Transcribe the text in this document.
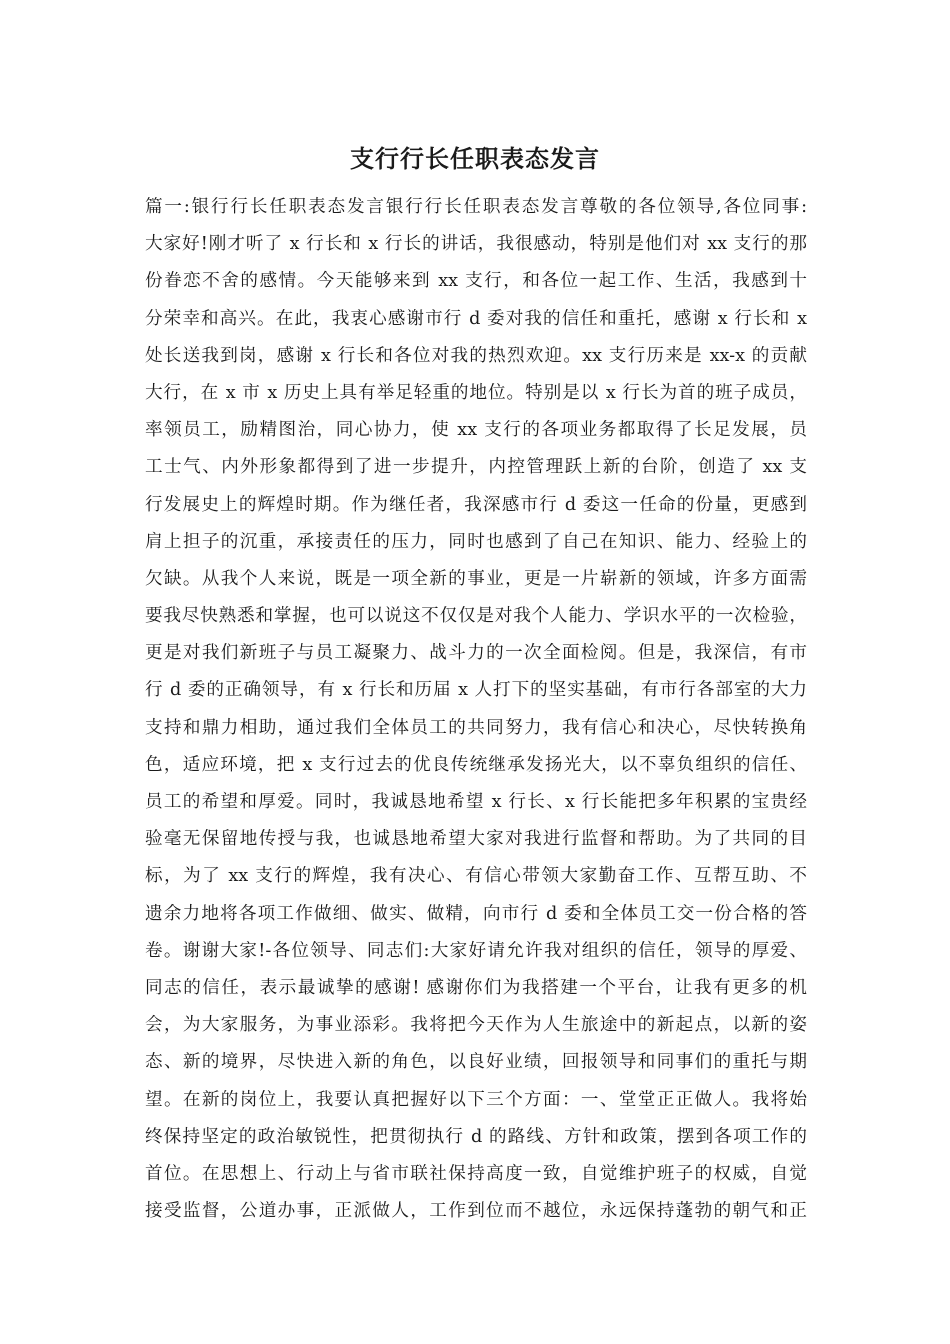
支行行长任职表态发言
篇一:银行行长任职表态发言银行行长任职表态发言尊敬的各位领导,各位同事:
大家好!刚才听了 x 行长和 x 行长的讲话，我很感动，特别是他们对 xx 支行的那
份眷恋不舍的感情。今天能够来到 xx 支行，和各位一起工作、生活，我感到十
分荣幸和高兴。在此，我衷心感谢市行 d 委对我的信任和重托，感谢 x 行长和 x
处长送我到岗，感谢 x 行长和各位对我的热烈欢迎。xx 支行历来是 xx-x 的贡献
大行，在 x 市 x 历史上具有举足轻重的地位。特别是以 x 行长为首的班子成员，
率领员工，励精图治，同心协力，使 xx 支行的各项业务都取得了长足发展，员
工士气、内外形象都得到了进一步提升，内控管理跃上新的台阶，创造了 xx 支
行发展史上的辉煌时期。作为继任者，我深感市行 d 委这一任命的份量，更感到
肩上担子的沉重，承接责任的压力，同时也感到了自己在知识、能力、经验上的
欠缺。从我个人来说，既是一项全新的事业，更是一片崭新的领域，许多方面需
要我尽快熟悉和掌握，也可以说这不仅仅是对我个人能力、学识水平的一次检验，
更是对我们新班子与员工凝聚力、战斗力的一次全面检阅。但是，我深信，有市
行 d 委的正确领导，有 x 行长和历届 x 人打下的坚实基础，有市行各部室的大力
支持和鼎力相助，通过我们全体员工的共同努力，我有信心和决心，尽快转换角
色，适应环境，把 x 支行过去的优良传统继承发扬光大，以不辜负组织的信任、
员工的希望和厚爱。同时，我诚恳地希望 x 行长、x 行长能把多年积累的宝贵经
验毫无保留地传授与我，也诚恳地希望大家对我进行监督和帮助。为了共同的目
标，为了 xx 支行的辉煌，我有决心、有信心带领大家勤奋工作、互帮互助、不
遗余力地将各项工作做细、做实、做精，向市行 d 委和全体员工交一份合格的答
卷。谢谢大家!-各位领导、同志们:大家好请允许我对组织的信任，领导的厚爱、
同志的信任，表示最诚挚的感谢! 感谢你们为我搭建一个平台，让我有更多的机
会，为大家服务，为事业添彩。我将把今天作为人生旅途中的新起点，以新的姿
态、新的境界，尽快进入新的角色，以良好业绩，回报领导和同事们的重托与期
望。在新的岗位上，我要认真把握好以下三个方面：一、堂堂正正做人。我将始
终保持坚定的政治敏锐性，把贯彻执行 d 的路线、方针和政策，摆到各项工作的
首位。在思想上、行动上与省市联社保持高度一致，自觉维护班子的权威，自觉
接受监督，公道办事，正派做人，工作到位而不越位，永远保持蓬勃的朝气和正
